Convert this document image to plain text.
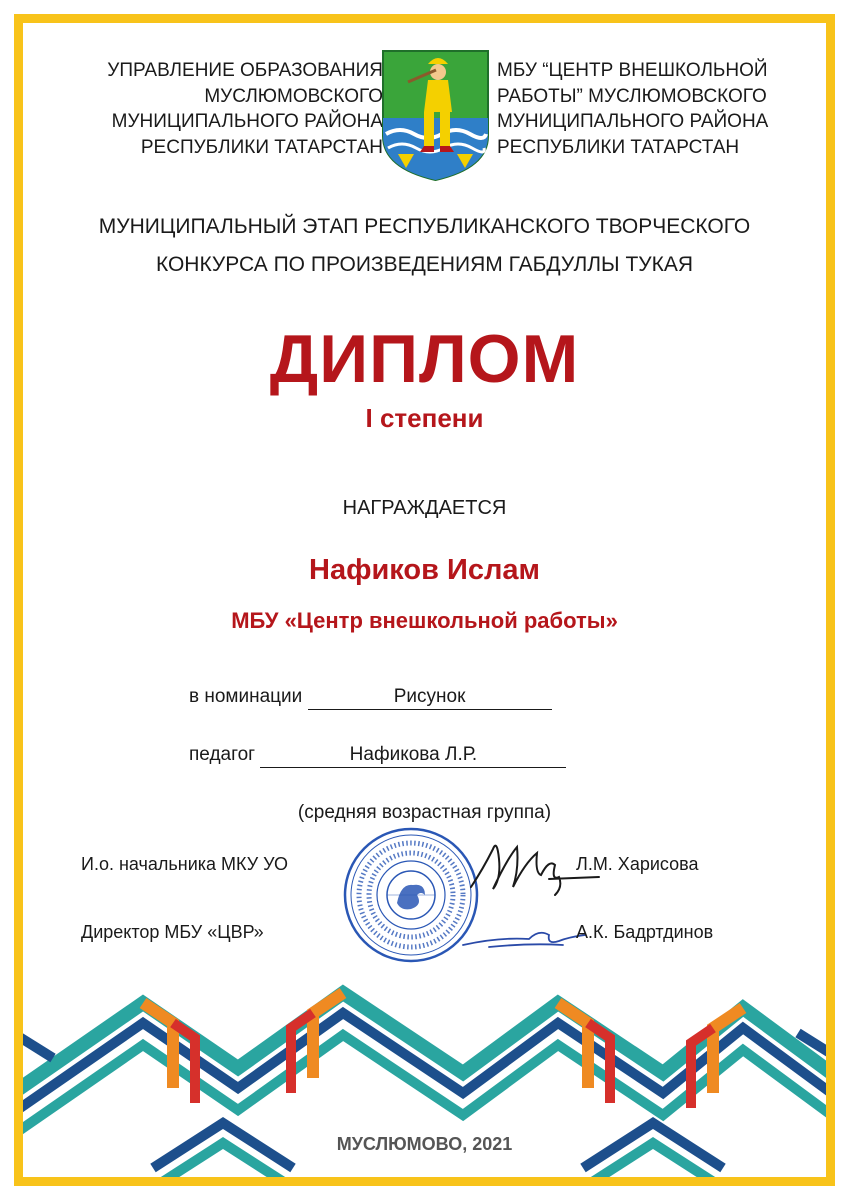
УПРАВЛЕНИЕ ОБРАЗОВАНИЯ
МУСЛЮМОВСКОГО
МУНИЦИПАЛЬНОГО РАЙОНА
РЕСПУБЛИКИ ТАТАРСТАН
МБУ “ЦЕНТР ВНЕШКОЛЬНОЙ
РАБОТЫ” МУСЛЮМОВСКОГО
МУНИЦИПАЛЬНОГО РАЙОНА
РЕСПУБЛИКИ ТАТАРСТАН
МУНИЦИПАЛЬНЫЙ ЭТАП РЕСПУБЛИКАНСКОГО ТВОРЧЕСКОГО
КОНКУРСА ПО ПРОИЗВЕДЕНИЯМ ГАБДУЛЛЫ ТУКАЯ
ДИПЛОМ
I степени
НАГРАЖДАЕТСЯ
Нафиков Ислам
МБУ «Центр внешкольной работы»
в номинации	Рисунок
педагог	Нафикова Л.Р.
(средняя возрастная группа)
И.о. начальника МКУ УО	Л.М. Харисова
Директор МБУ «ЦВР»	А.К. Бадртдинов
МУСЛЮМОВО, 2021
